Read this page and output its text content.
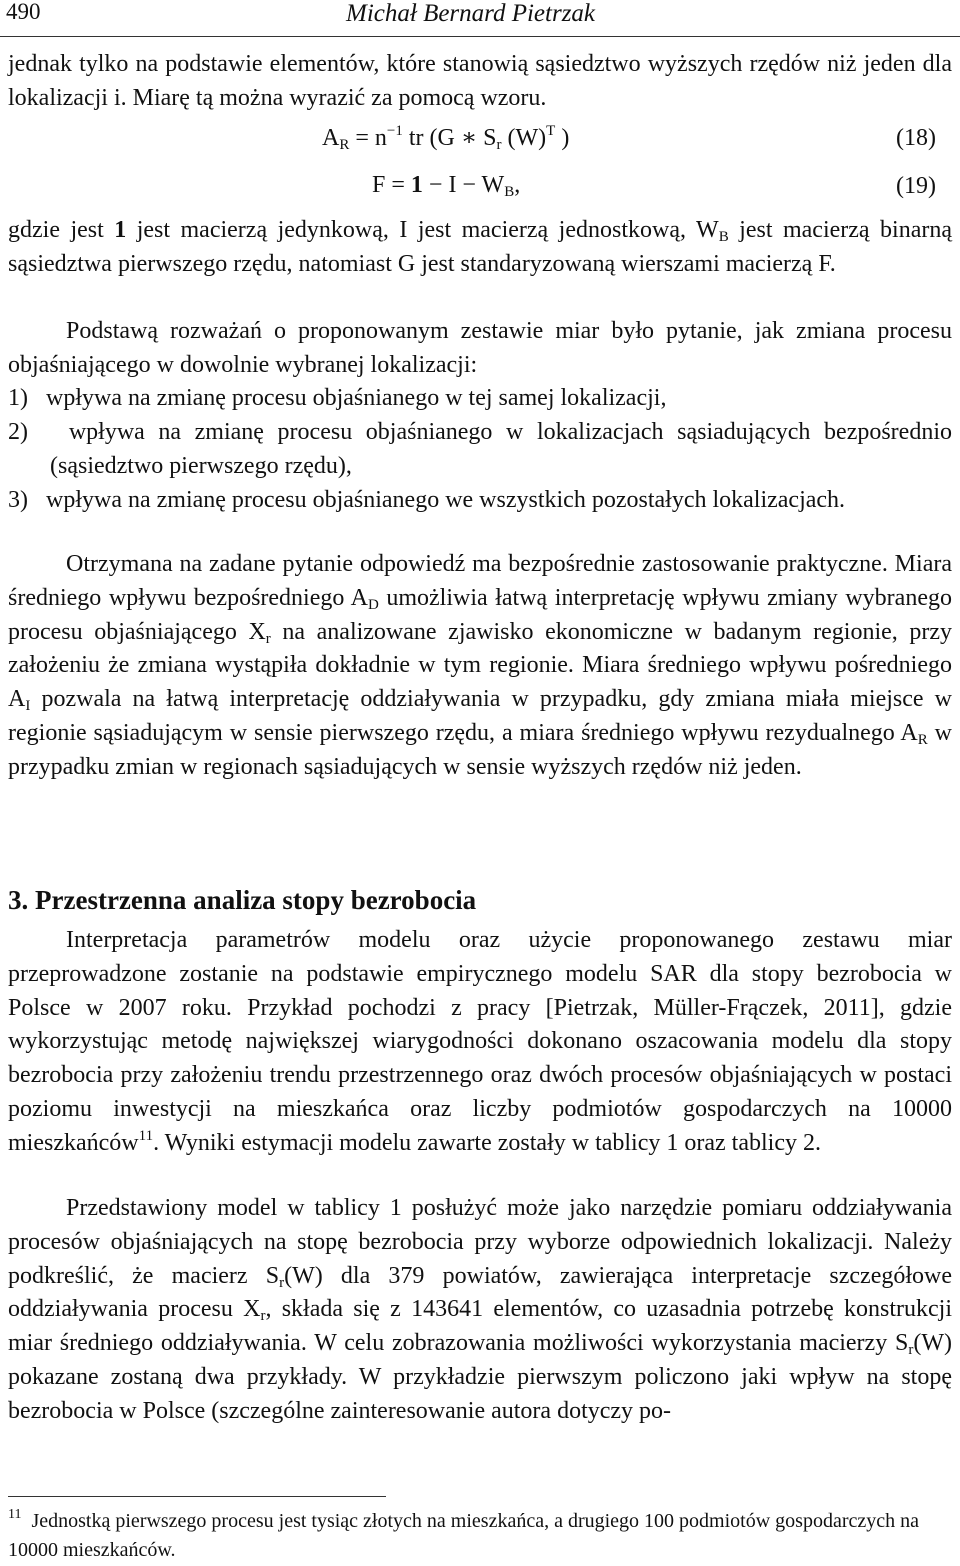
490	Michał Bernard Pietrzak

jednak tylko na podstawie elementów, które stanowią sąsiedztwo wyższych rzędów niż jeden dla lokalizacji i. Miarę tą można wyrazić za pomocą wzoru.

$A_R = n^{-1}$ tr (G ∗ $S_r$ $(W)^T$ )	(18)
$F = 1 - I - W_B$,	(19)

gdzie jest 1 jest macierzą jedynkową, I jest macierzą jednostkową, $W_B$ jest macierzą binarną sąsiedztwa pierwszego rzędu, natomiast G jest standaryzowaną wierszami macierzą F.

Podstawą rozważań o proponowanym zestawie miar było pytanie, jak zmiana procesu objaśniającego w dowolnie wybranej lokalizacji:

1) wpływa na zmianę procesu objaśnianego w tej samej lokalizacji,

2) wpływa na zmianę procesu objaśnianego w lokalizacjach sąsiadujących bezpośrednio (sąsiedztwo pierwszego rzędu),

3) wpływa na zmianę procesu objaśnianego we wszystkich pozostałych lokalizacjach.

Otrzymana na zadane pytanie odpowiedź ma bezpośrednie zastosowanie praktyczne. Miara średniego wpływu bezpośredniego $A_D$ umożliwia łatwą interpretację wpływu zmiany wybranego procesu objaśniającego $X_r$ na analizowane zjawisko ekonomiczne w badanym regionie, przy założeniu że zmiana wystąpiła dokładnie w tym regionie. Miara średniego wpływu pośredniego $A_I$ pozwala na łatwą interpretację oddziaływania w przypadku, gdy zmiana miała miejsce w regionie sąsiadującym w sensie pierwszego rzędu, a miara średniego wpływu rezydualnego $A_R$ w przypadku zmian w regionach sąsiadujących w sensie wyższych rzędów niż jeden.

3. Przestrzenna analiza stopy bezrobocia

Interpretacja parametrów modelu oraz użycie proponowanego zestawu miar przeprowadzone zostanie na podstawie empirycznego modelu SAR dla stopy bezrobocia w Polsce w 2007 roku. Przykład pochodzi z pracy [Pietrzak, Müller-Frączek, 2011], gdzie wykorzystując metodę największej wiarygodności dokonano oszacowania modelu dla stopy bezrobocia przy założeniu trendu przestrzennego oraz dwóch procesów objaśniających w postaci poziomu inwestycji na mieszkańca oraz liczby podmiotów gospodarczych na 10000 mieszkańców$^{11}$. Wyniki estymacji modelu zawarte zostały w tablicy 1 oraz tablicy 2.

Przedstawiony model w tablicy 1 posłużyć może jako narzędzie pomiaru oddziaływania procesów objaśniających na stopę bezrobocia przy wyborze odpowiednich lokalizacji. Należy podkreślić, że macierz $S_r(W)$ dla 379 powiatów, zawierająca interpretacje szczegółowe oddziaływania procesu $X_r$, składa się z 143641 elementów, co uzasadnia potrzebę konstrukcji miar średniego oddziaływania. W celu zobrazowania możliwości wykorzystania macierzy $S_r(W)$ pokazane zostaną dwa przykłady. W przykładzie pierwszym policzono jaki wpływ na stopę bezrobocia w Polsce (szczególne zainteresowanie autora dotyczy po-

$^{11}$ Jednostką pierwszego procesu jest tysiąc złotych na mieszkańca, a drugiego 100 podmiotów gospodarczych na 10000 mieszkańców.
